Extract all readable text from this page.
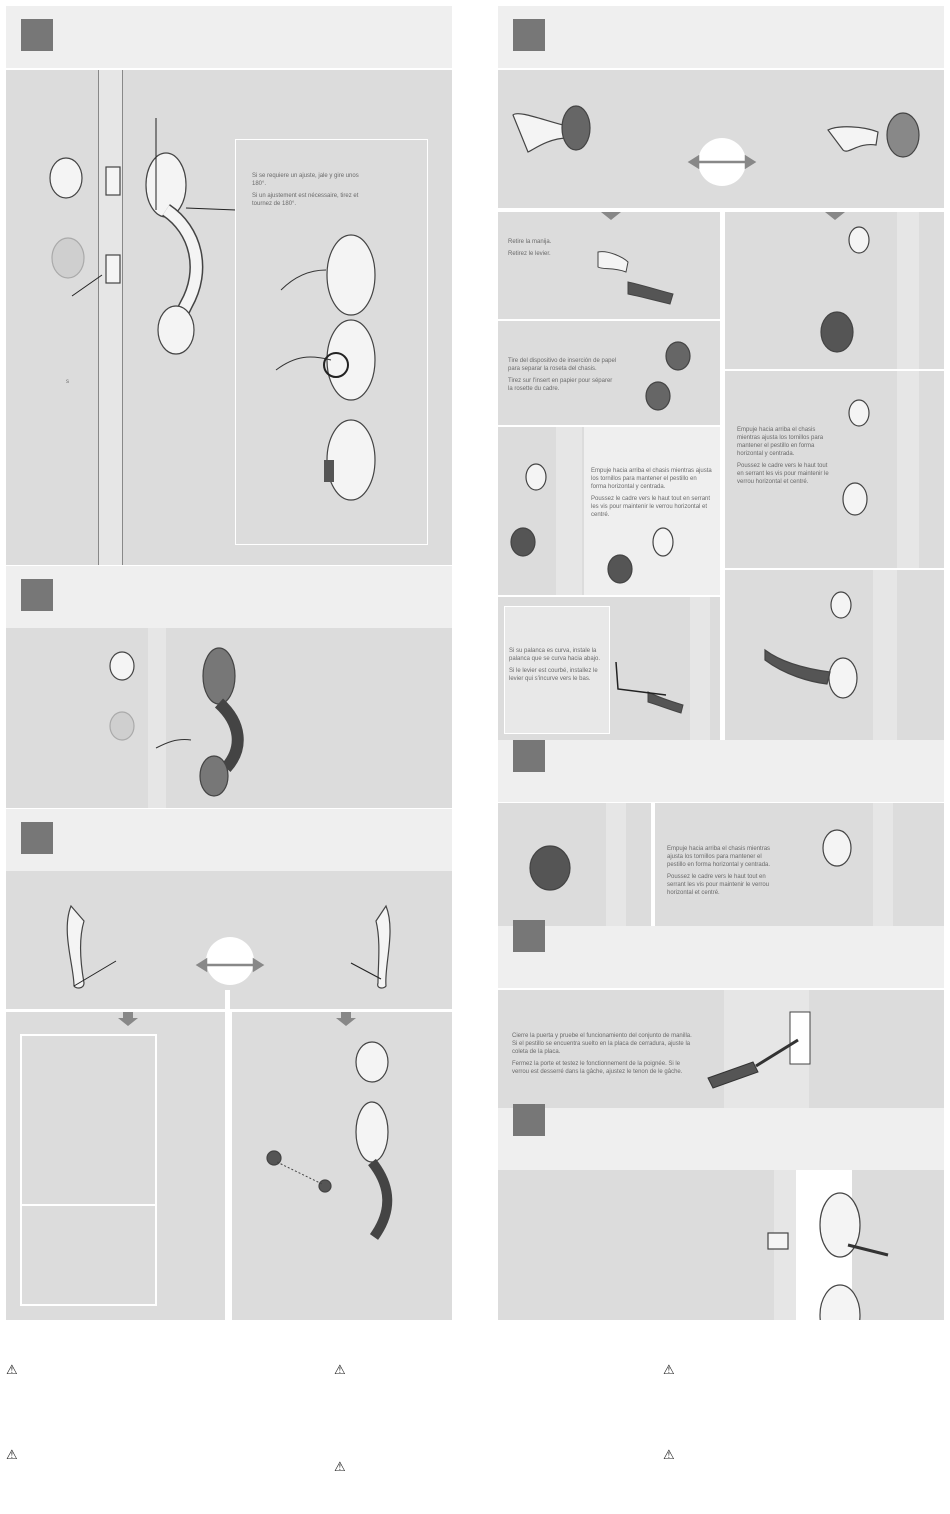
s

Si se requiere un ajuste, jale y gire unos 180°.

Si un ajustement est nécessaire, tirez et tournez de 180°.

Retire la manija.

Retirez le levier.

Tire del dispositivo de inserción de papel para separar la roseta del chasis.

Tirez sur l'insert en papier pour séparer la rosette du cadre.

Empuje hacia arriba el chasis mientras ajusta los tornillos para mantener el pestillo en forma horizontal y centrada.

Poussez le cadre vers le haut tout en serrant les vis pour maintenir le verrou horizontal et centré.

Si su palanca es curva, instale la palanca que se curva hacia abajo.

Si le levier est courbé, installez le levier qui s'incurve vers le bas.

Empuje hacia arriba el chasis mientras ajusta los tornillos para mantener el pestillo en forma horizontal y centrada.

Poussez le cadre vers le haut tout en serrant les vis pour maintenir le verrou horizontal et centré.

Empuje hacia arriba el chasis mientras ajusta los tornillos para mantener el pestillo en forma horizontal y centrada.

Poussez le cadre vers le haut tout en serrant les vis pour maintenir le verrou horizontal et centré.

Cierre la puerta y pruebe el funcionamiento del conjunto de manilla. Si el pestillo se encuentra suelto en la placa de cerradura, ajuste la coleta de la placa.

Fermez la porte et testez le fonctionnement de la poignée. Si le verrou est desserré dans la gâche, ajustez le tenon de le gâche.

⚠
⚠
⚠
⚠
⚠
⚠
